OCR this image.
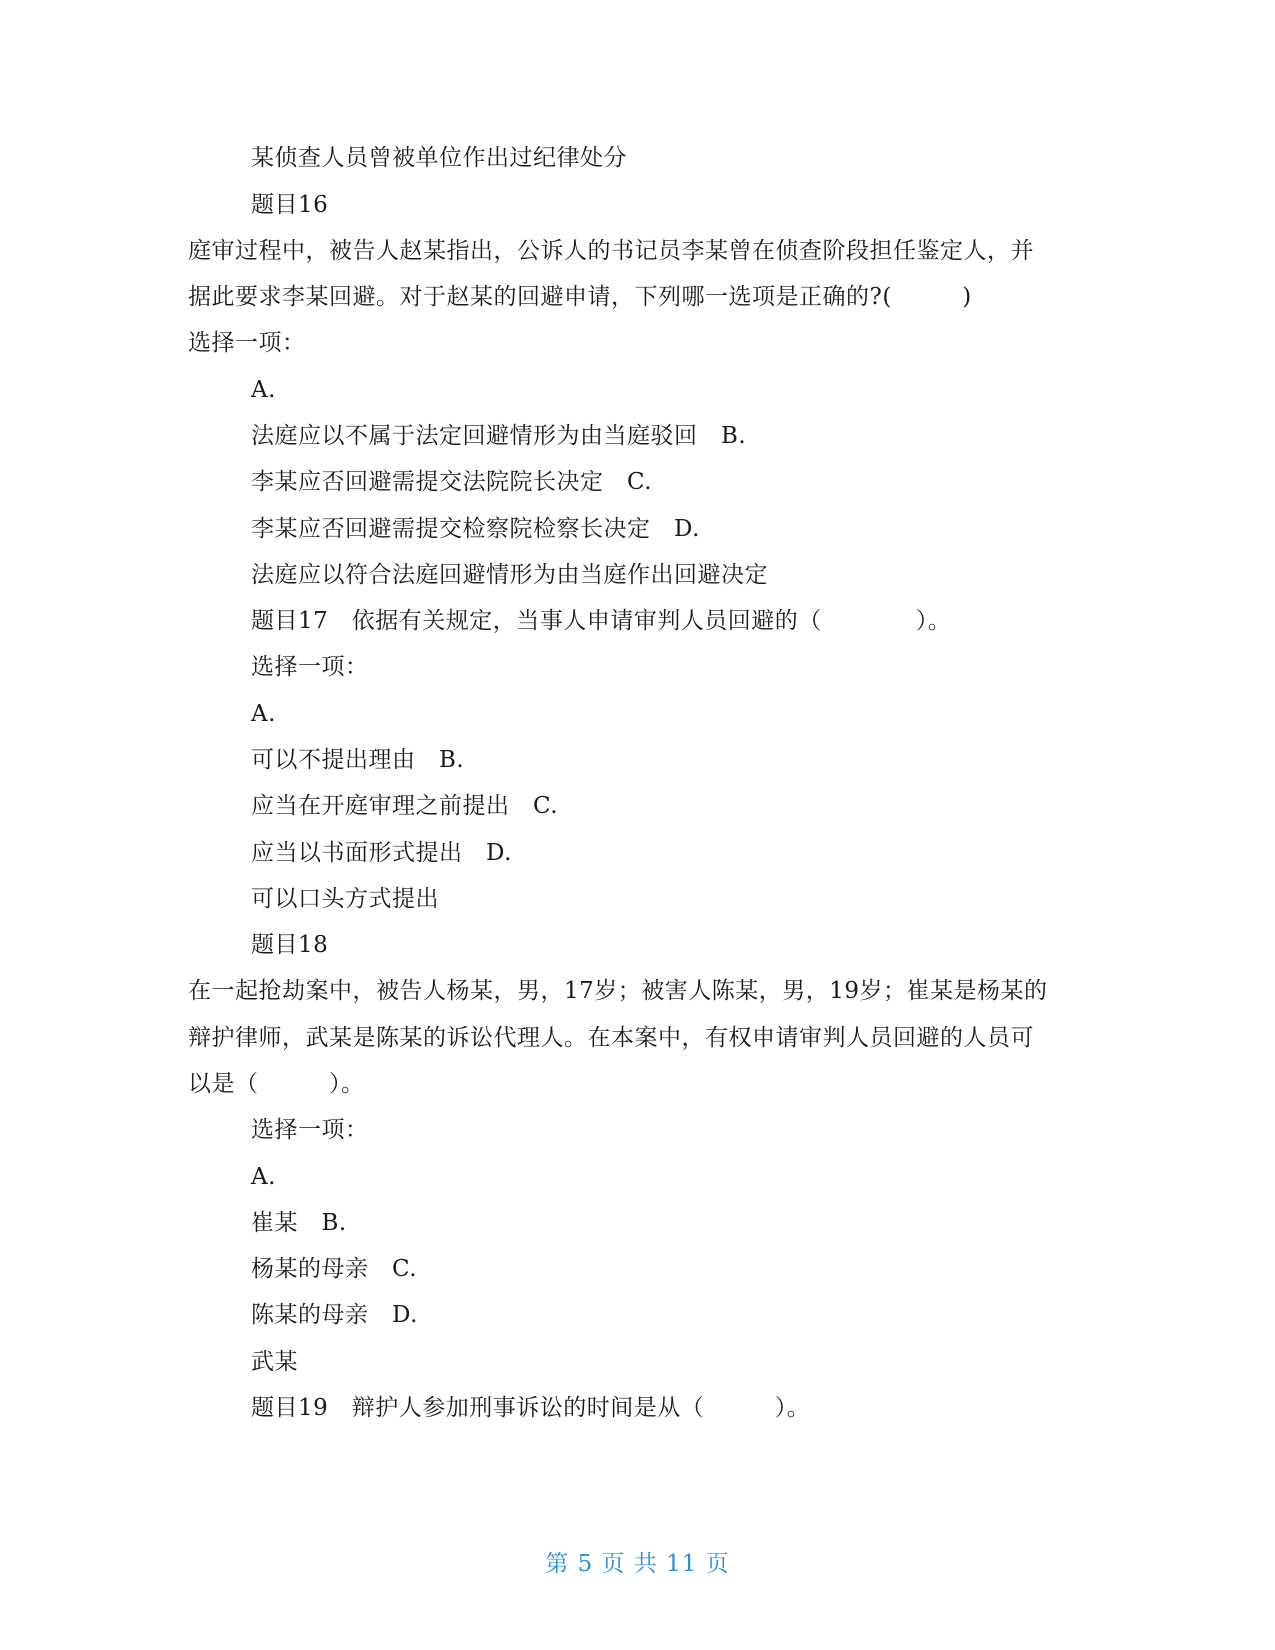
某侦查人员曾被单位作出过纪律处分
题目16
庭审过程中，被告人赵某指出，公诉人的书记员李某曾在侦查阶段担任鉴定人，并
据此要求李某回避。对于赵某的回避申请，下列哪一选项是正确的?(　　　)
选择一项：
A.
法庭应以不属于法定回避情形为由当庭驳回　B.
李某应否回避需提交法院院长决定　C.
李某应否回避需提交检察院检察长决定　D.
法庭应以符合法庭回避情形为由当庭作出回避决定
题目17　依据有关规定，当事人申请审判人员回避的（　　　　）。
选择一项：
A.
可以不提出理由　B.
应当在开庭审理之前提出　C.
应当以书面形式提出　D.
可以口头方式提出
题目18
在一起抢劫案中，被告人杨某，男，17岁；被害人陈某，男，19岁；崔某是杨某的
辩护律师，武某是陈某的诉讼代理人。在本案中，有权申请审判人员回避的人员可
以是（　　　）。
选择一项：
A.
崔某　B.
杨某的母亲　C.
陈某的母亲　D.
武某
题目19　辩护人参加刑事诉讼的时间是从（　　　）。
第 5 页 共 11 页
